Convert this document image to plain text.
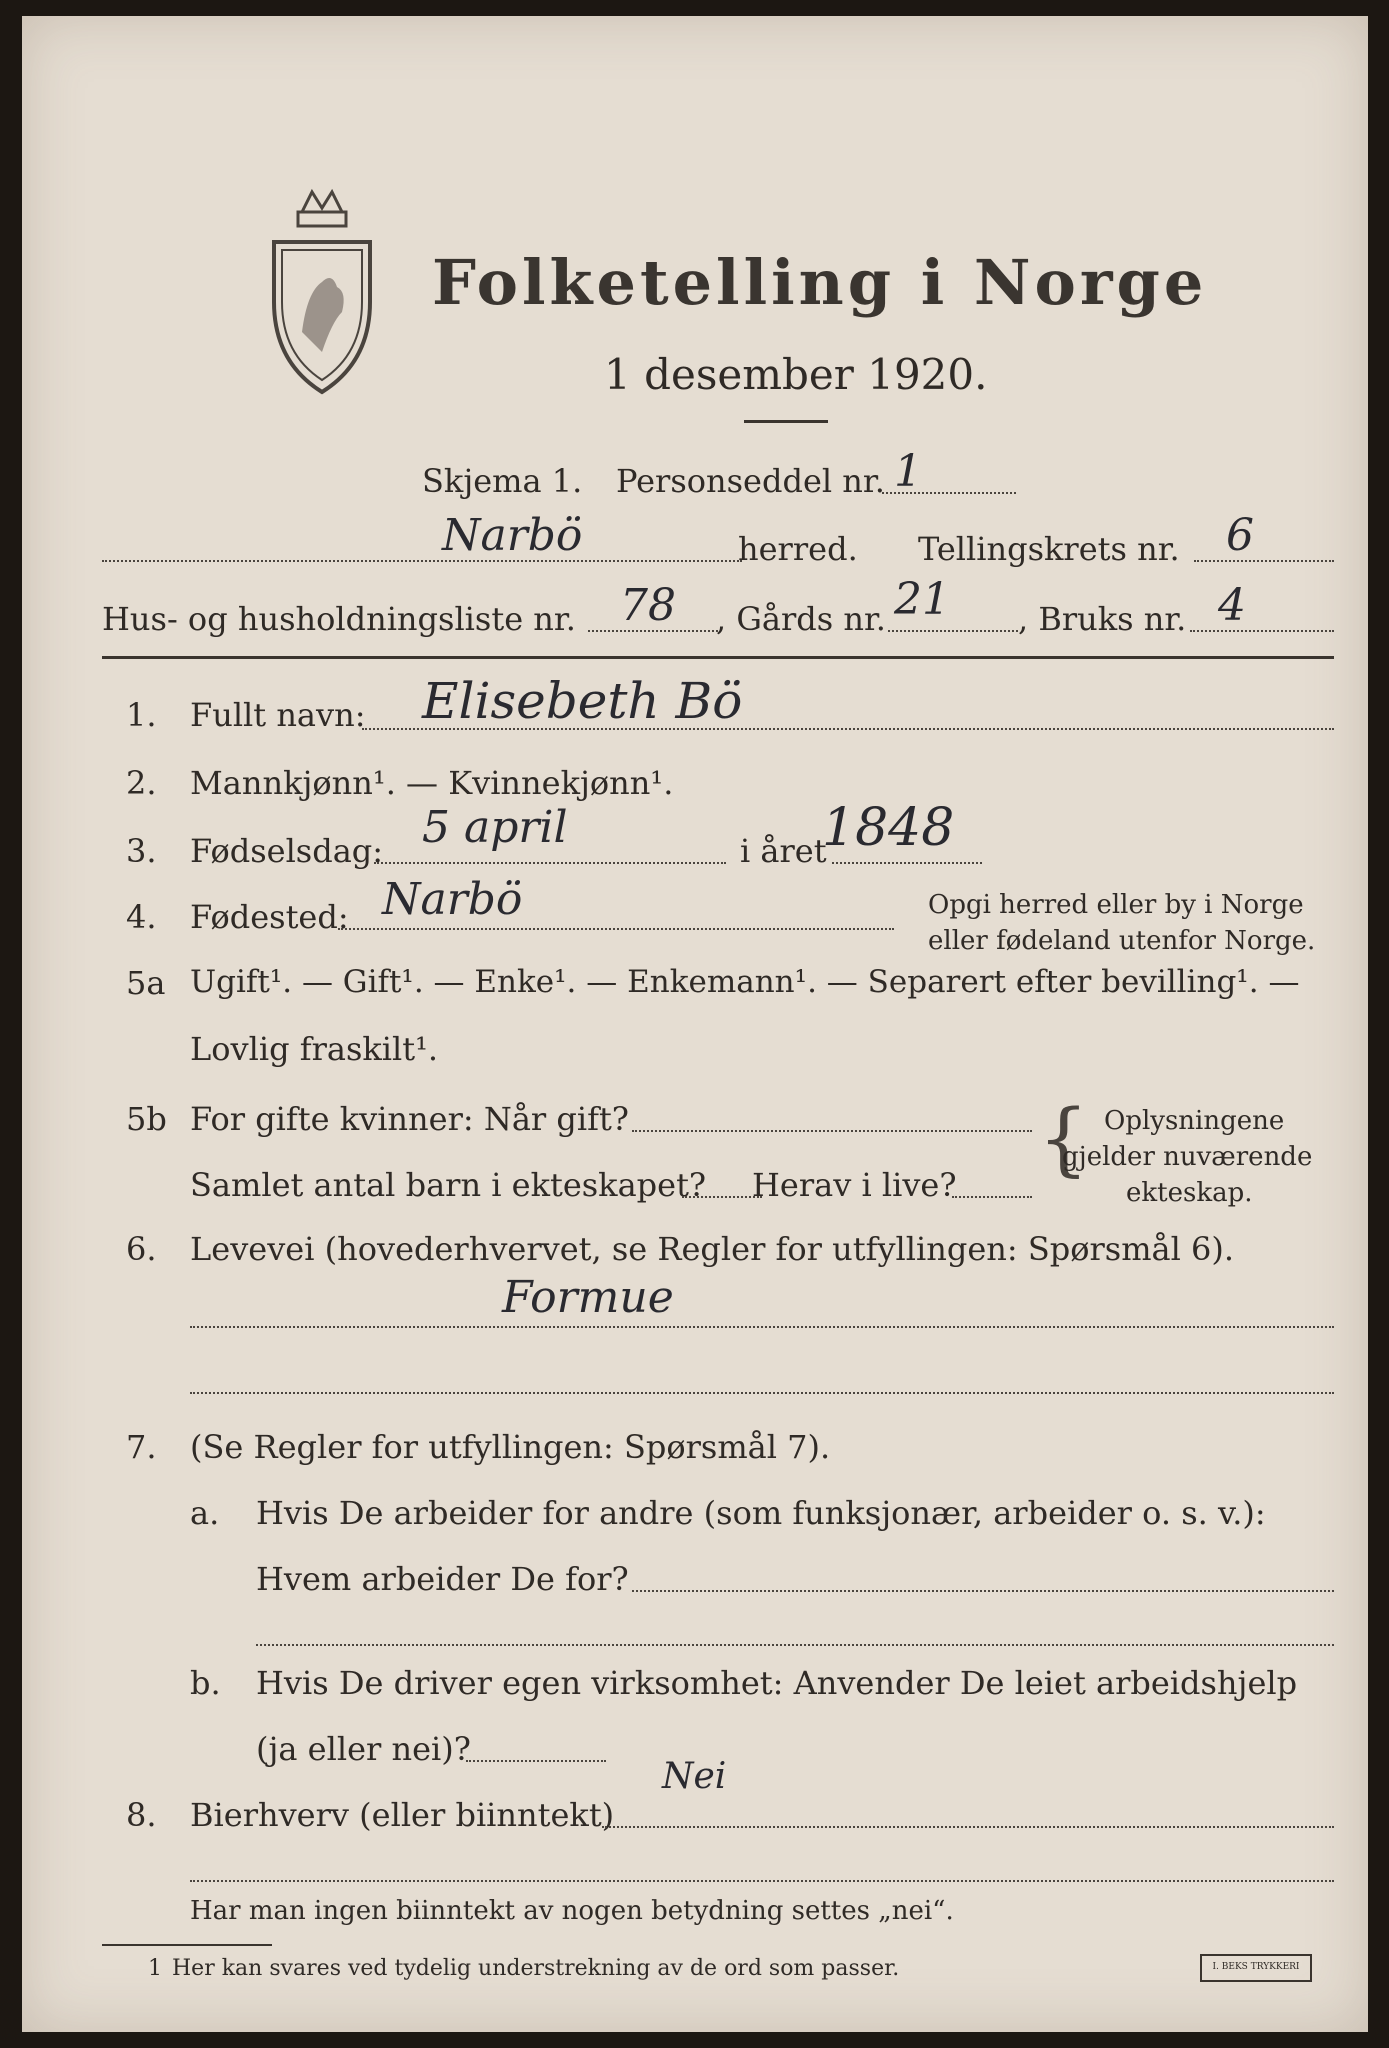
Folketelling i Norge
1 desember 1920.
Skjema 1. Personseddel nr. 1
Narbö	herred. Tellingskrets nr. 6
Hus- og husholdningsliste nr. 78 , Gårds nr. 21 , Bruks nr. 4
1. Fullt navn: Elisebeth Bö
2. Mannkjønn¹. — Kvinnekjønn¹.
3. Fødselsdag: 5 april	i året
1848
4. Fødested: Narbö	Opgi herred eller by i Norge
eller fødeland utenfor Norge.
5a Ugift¹. — Gift¹. — Enke¹. — Enkemann¹. — Separert efter bevilling¹. —
Lovlig fraskilt¹.
5b For gifte kvinner: Når gift?
Samlet antal barn i ekteskapet? Herav i live? { Oplysningene
gjelder nuværende
ekteskap.
6. Levevei (hovederhvervet, se Regler for utfyllingen: Spørsmål 6).
Formue
7. (Se Regler for utfyllingen: Spørsmål 7).
a. Hvis De arbeider for andre (som funksjonær, arbeider o. s. v.):
Hvem arbeider De for?
b. Hvis De driver egen virksomhet: Anvender De leiet arbeidshjelp
(ja eller nei)?
8. Bierhverv (eller biinntekt)
Nei
Har man ingen biinntekt av nogen betydning settes „nei“.
1 Her kan svares ved tydelig understrekning av de ord som passer.	I. BEKS TRYKKERI
